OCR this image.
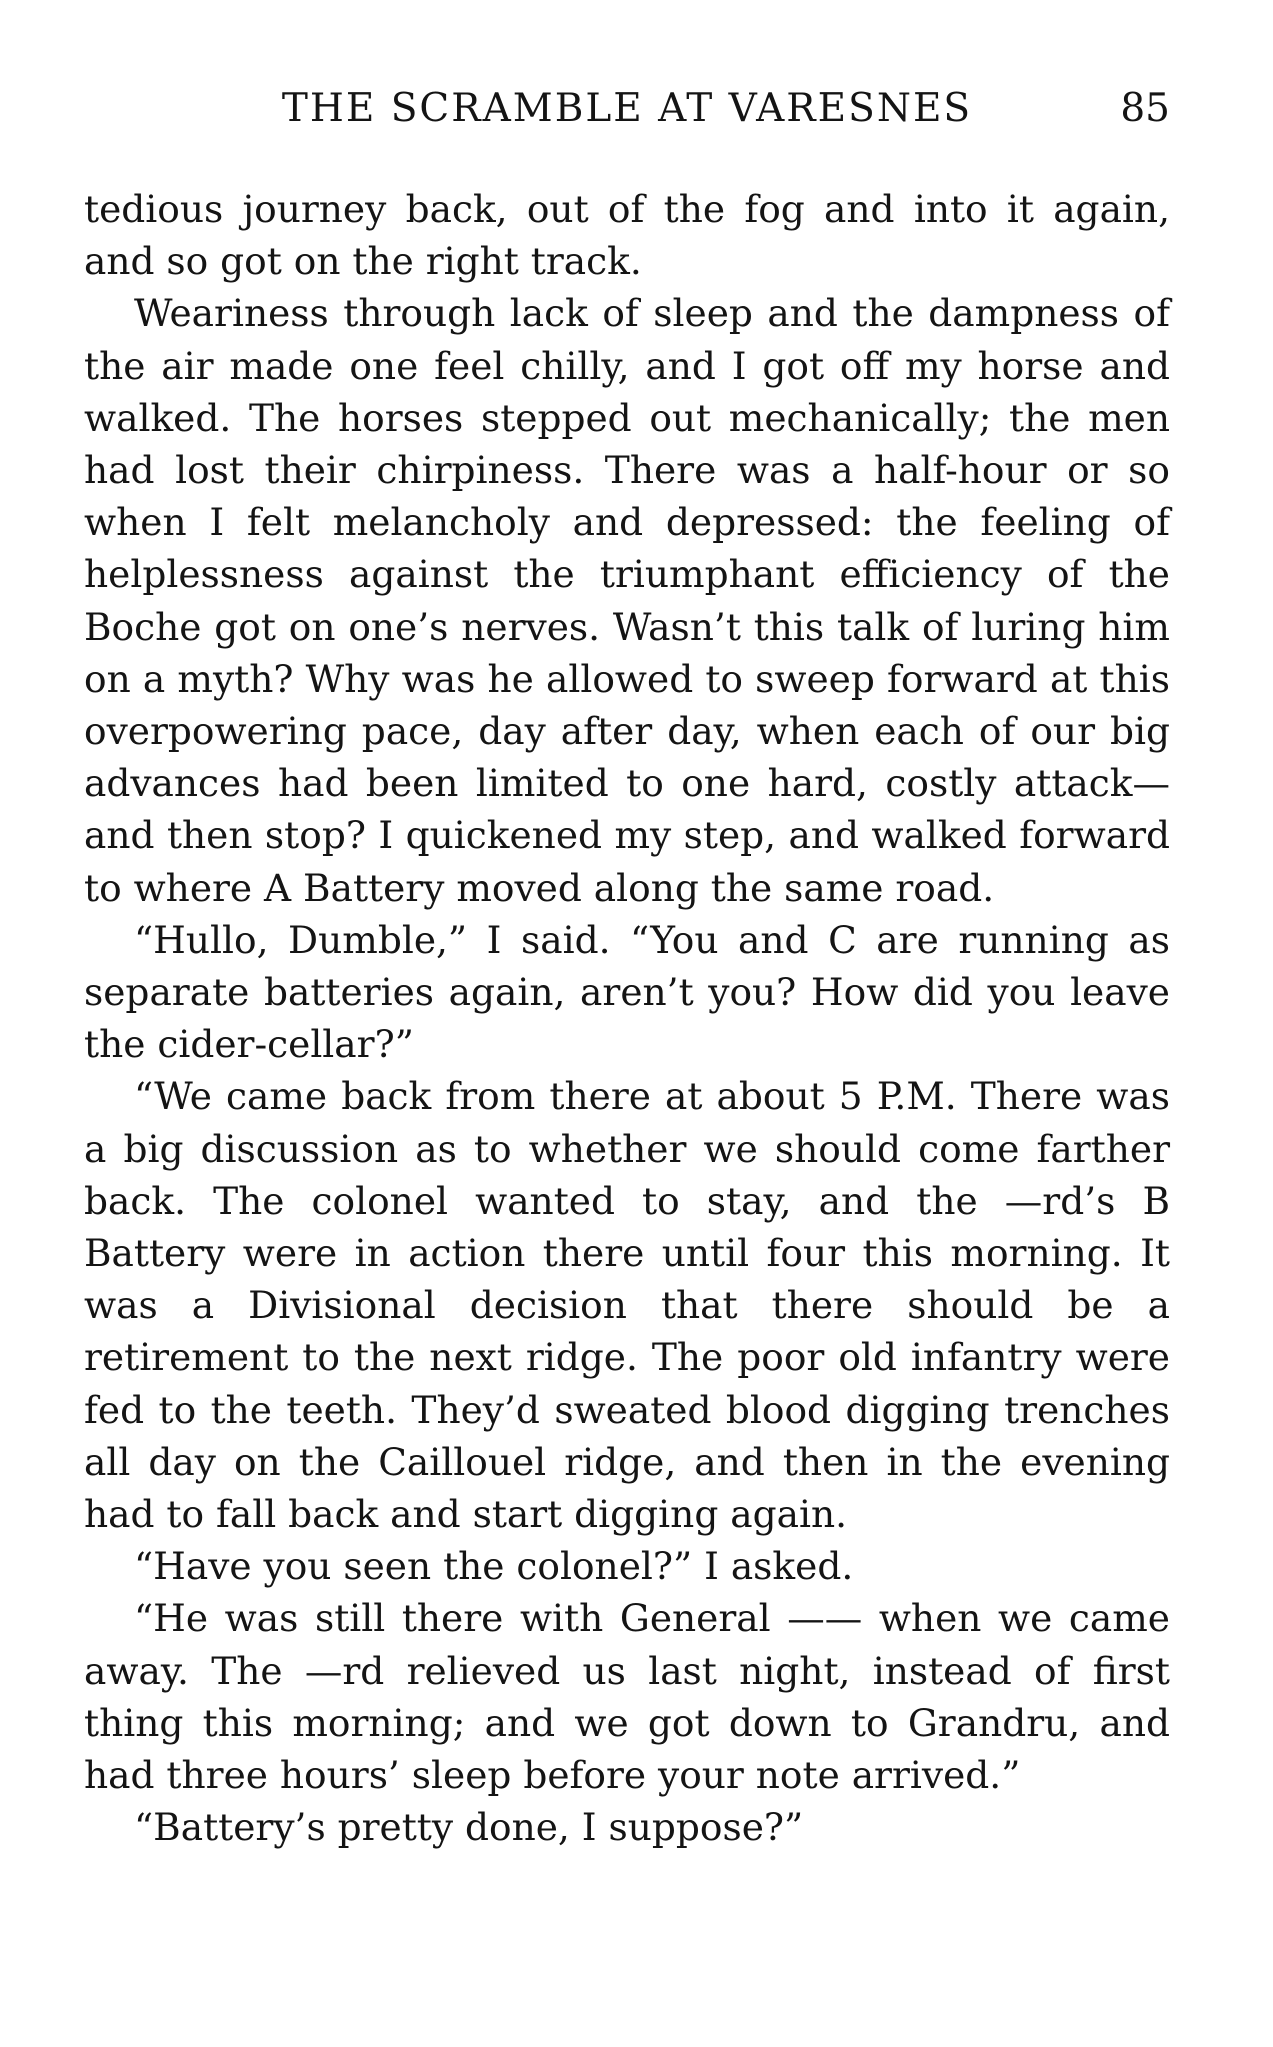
THE SCRAMBLE AT VARESNES	85

tedious journey back, out of the fog and into it again, and so got on the right track.

Weariness through lack of sleep and the dampness of the air made one feel chilly, and I got off my horse and walked. The horses stepped out mechanically; the men had lost their chirpiness. There was a half-hour or so when I felt melancholy and depressed: the feeling of helplessness against the triumphant efficiency of the Boche got on one’s nerves. Wasn’t this talk of luring him on a myth? Why was he allowed to sweep forward at this overpowering pace, day after day, when each of our big advances had been limited to one hard, costly attack—and then stop? I quickened my step, and walked forward to where A Battery moved along the same road.

“Hullo, Dumble,” I said. “You and C are running as separate batteries again, aren’t you? How did you leave the cider-cellar?”

“We came back from there at about 5 P.M. There was a big discussion as to whether we should come farther back. The colonel wanted to stay, and the —rd’s B Battery were in action there until four this morning. It was a Divisional decision that there should be a retirement to the next ridge. The poor old infantry were fed to the teeth. They’d sweated blood digging trenches all day on the Caillouel ridge, and then in the evening had to fall back and start digging again.

“Have you seen the colonel?” I asked.

“He was still there with General —— when we came away. The —rd relieved us last night, instead of first thing this morning; and we got down to Grandru, and had three hours’ sleep before your note arrived.”

“Battery’s pretty done, I suppose?”
